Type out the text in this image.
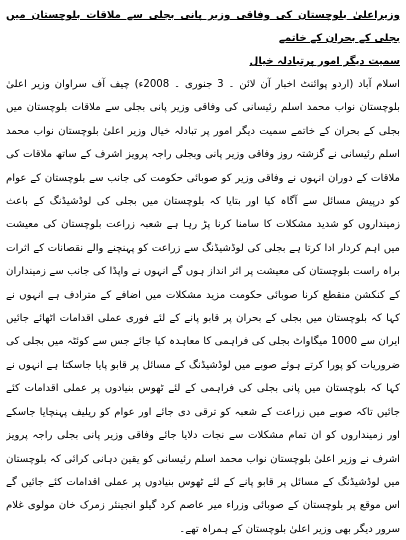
وزیراعلیٰ بلوچستان کی وفاقی وزیر پانی بجلی سے ملاقات بلوچستان میں بجلی کے بحران کے خاتمے
سمیت دیگر امور پرتبادلہ خیال

اسلام آباد (اردو پوائنٹ اخبار آن لائن ۔ 3 جنوری ۔ 2008ء) چیف آف سراوان وزیر اعلیٰ بلوچستان نواب محمد اسلم رئیسانی کی وفاقی وزیر پانی بجلی سے ملاقات بلوچستان میں بجلی کے بحران کے خاتمے سمیت دیگر امور پر تبادلہ خیال وزیر اعلیٰ بلوچستان نواب محمد اسلم رئیسانی نے گزشتہ روز وفاقی وزیر پانی وبجلی راجہ پرویز اشرف کے ساتھ ملاقات کی ملاقات کے دوران انہوں نے وفاقی وزیر کو صوبائی حکومت کی جانب سے بلوچستان کے عوام کو درپیش مسائل سے آگاہ کیا اور بتایا کہ بلوچستان میں بجلی کی لوڈشیڈنگ کے باعث زمینداروں کو شدید مشکلات کا سامنا کرنا پڑ رہا ہے شعبہ زراعت بلوچستان کی معیشت میں اہم کردار ادا کرتا ہے بجلی کی لوڈشیڈنگ سے زراعت کو پہنچنے والے نقصانات کے اثرات براہ راست بلوچستان کی معیشت پر اثر انداز ہوں گے انہوں نے واپڈا کی جانب سے زمینداران کے کنکشن منقطع کرنا صوبائی حکومت مزید مشکلات میں اضافے کے مترادف ہے انہوں نے کہا کہ بلوچستان میں بجلی کے بحران پر قابو پانے کے لئے فوری عملی اقدامات اٹھائے جائیں ایران سے 1000 میگاواٹ بجلی کی فراہمی کا معاہدہ کیا جائے جس سے کوئٹہ میں بجلی کی ضروریات کو پورا کرتے ہوئے صوبے میں لوڈشیڈنگ کے مسائل پر قابو پایا جاسکتا ہے انہوں نے کہا کہ بلوچستان میں پانی بجلی کی فراہمی کے لئے ٹھوس بنیادوں پر عملی اقدامات کئے جائیں تاکہ صوبے میں زراعت کے شعبہ کو ترقی دی جائے اور عوام کو ریلیف پہنچایا جاسکے اور زمینداروں کو ان تمام مشکلات سے نجات دلایا جائے وفاقی وزیر پانی بجلی راجہ پرویز اشرف نے وزیر اعلیٰ بلوچستان نواب محمد اسلم رئیسانی کو یقین دہانی کرائی کہ بلوچستان میں لوڈشیڈنگ کے مسائل پر قابو پانے کے لئے ٹھوس بنیادوں پر عملی اقدامات کئے جائیں گے اس موقع پر بلوچستان کے صوبائی وزراء میر عاصم کرد گیلو انجینئر زمرک خان مولوی غلام سرور دیگر بھی وزیر اعلیٰ بلوچستان کے ہمراہ تھے۔
